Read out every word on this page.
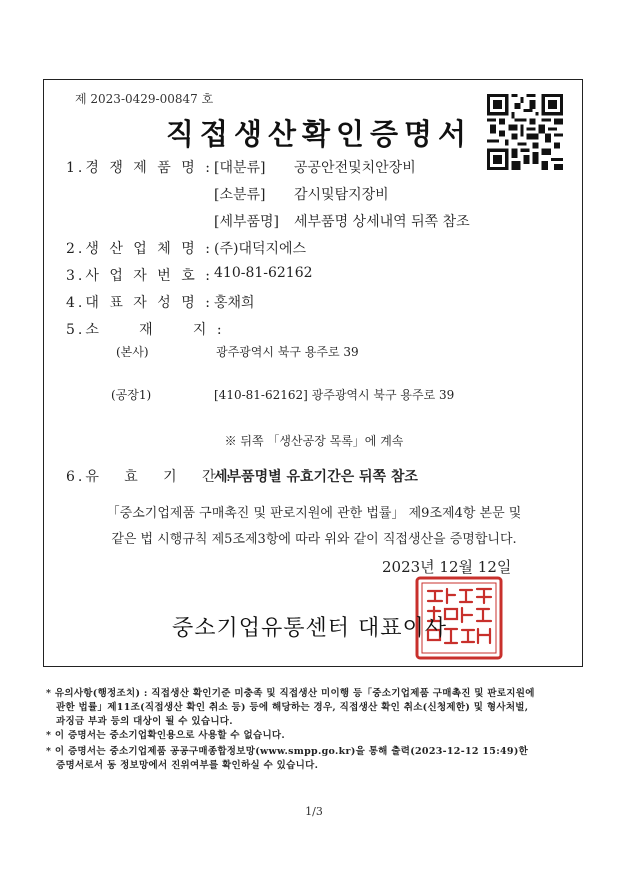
제 2023-0429-00847 호
직접생산확인증명서
1.경 쟁 제 품 명 : [대분류] 공공안전및치안장비
[소분류] 감시및탐지장비
[세부품명] 세부품명 상세내역 뒤쪽 참조
2.생 산 업 체 명 : (주)대덕지에스
3.사 업 자 번 호 : 410-81-62162
4.대 표 자 성 명 : 홍채희
5.소     재     지 :
(본사)	광주광역시 북구 용주로 39
(공장1)	[410-81-62162] 광주광역시 북구 용주로 39
※ 뒤쪽 「생산공장 목록」에 계속
6.유   효   기   간 :
세부품명별 유효기간은 뒤쪽 참조
「중소기업제품 구매촉진 및 판로지원에 관한 법률」 제9조제4항 본문 및
같은 법 시행규칙 제5조제3항에 따라 위와 같이 직접생산을 증명합니다.
2023년 12월 12일
중소기업유통센터 대표이사
* 유의사항(행정조치) : 직접생산 확인기준 미충족 및 직접생산 미이행 등「중소기업제품 구매촉진 및 판로지원에
관한 법률」제11조(직접생산 확인 취소 등) 등에 해당하는 경우, 직접생산 확인 취소(신청제한) 및 형사처벌,
과징금 부과 등의 대상이 될 수 있습니다.
* 이 증명서는 중소기업확인용으로 사용할 수 없습니다.
* 이 증명서는 중소기업제품 공공구매종합정보망(www.smpp.go.kr)을 통해 출력(2023-12-12 15:49)한
증명서로서 동 정보망에서 진위여부를 확인하실 수 있습니다.
1/3
